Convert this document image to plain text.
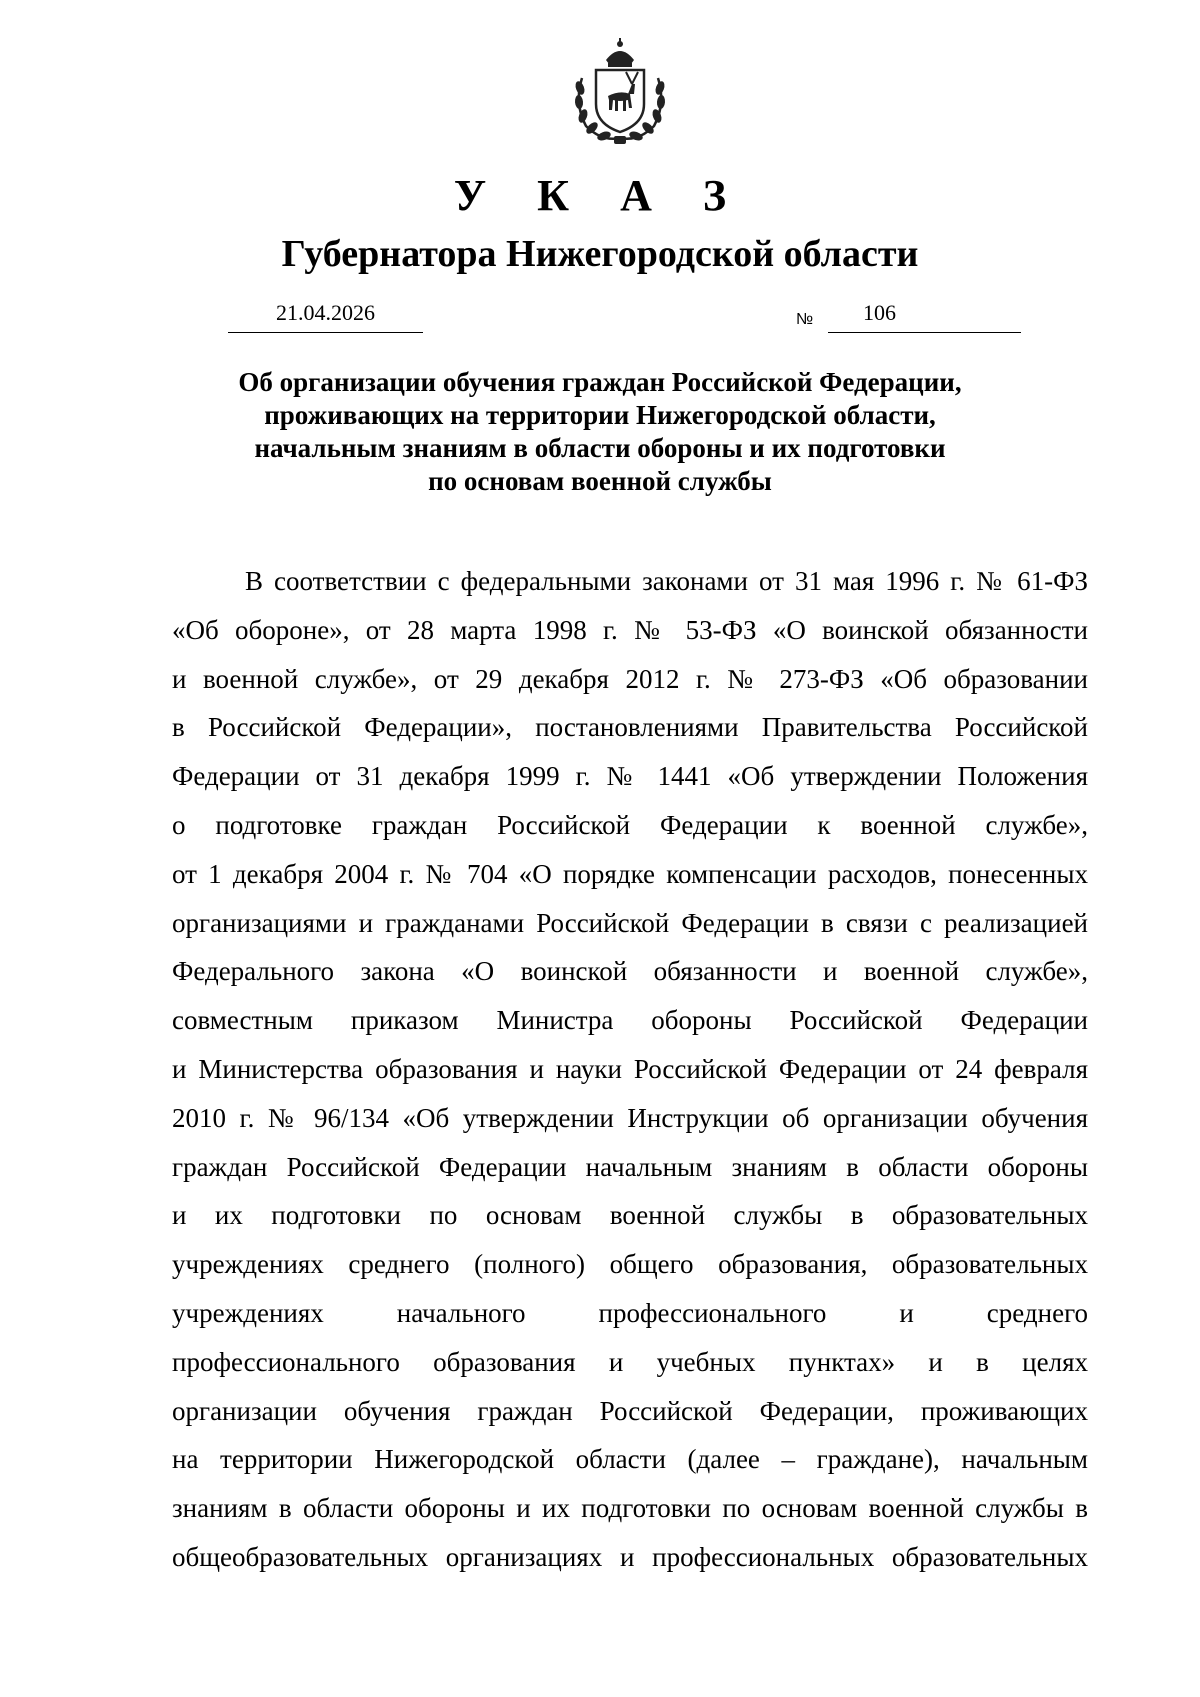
У К А З
Губернатора Нижегородской области
21.04.2026	№ 106
Об организации обучения граждан Российской Федерации,
проживающих на территории Нижегородской области,
начальным знаниям в области обороны и их подготовки
по основам военной службы
В соответствии с федеральными законами от 31 мая 1996 г. № 61-ФЗ
«Об обороне», от 28 марта 1998 г. № 53-ФЗ «О воинской обязанности
и военной службе», от 29 декабря 2012 г. № 273-ФЗ «Об образовании
в Российской Федерации», постановлениями Правительства Российской
Федерации от 31 декабря 1999 г. № 1441 «Об утверждении Положения
о подготовке граждан Российской Федерации к военной службе»,
от 1 декабря 2004 г. № 704 «О порядке компенсации расходов, понесенных
организациями и гражданами Российской Федерации в связи с реализацией
Федерального закона «О воинской обязанности и военной службе»,
совместным приказом Министра обороны Российской Федерации
и Министерства образования и науки Российской Федерации от 24 февраля
2010 г. № 96/134 «Об утверждении Инструкции об организации обучения
граждан Российской Федерации начальным знаниям в области обороны
и их подготовки по основам военной службы в образовательных
учреждениях среднего (полного) общего образования, образовательных
учреждениях начального профессионального и среднего
профессионального образования и учебных пунктах» и в целях
организации обучения граждан Российской Федерации, проживающих
на территории Нижегородской области (далее – граждане), начальным
знаниям в области обороны и их подготовки по основам военной службы в
общеобразовательных организациях и профессиональных образовательных
